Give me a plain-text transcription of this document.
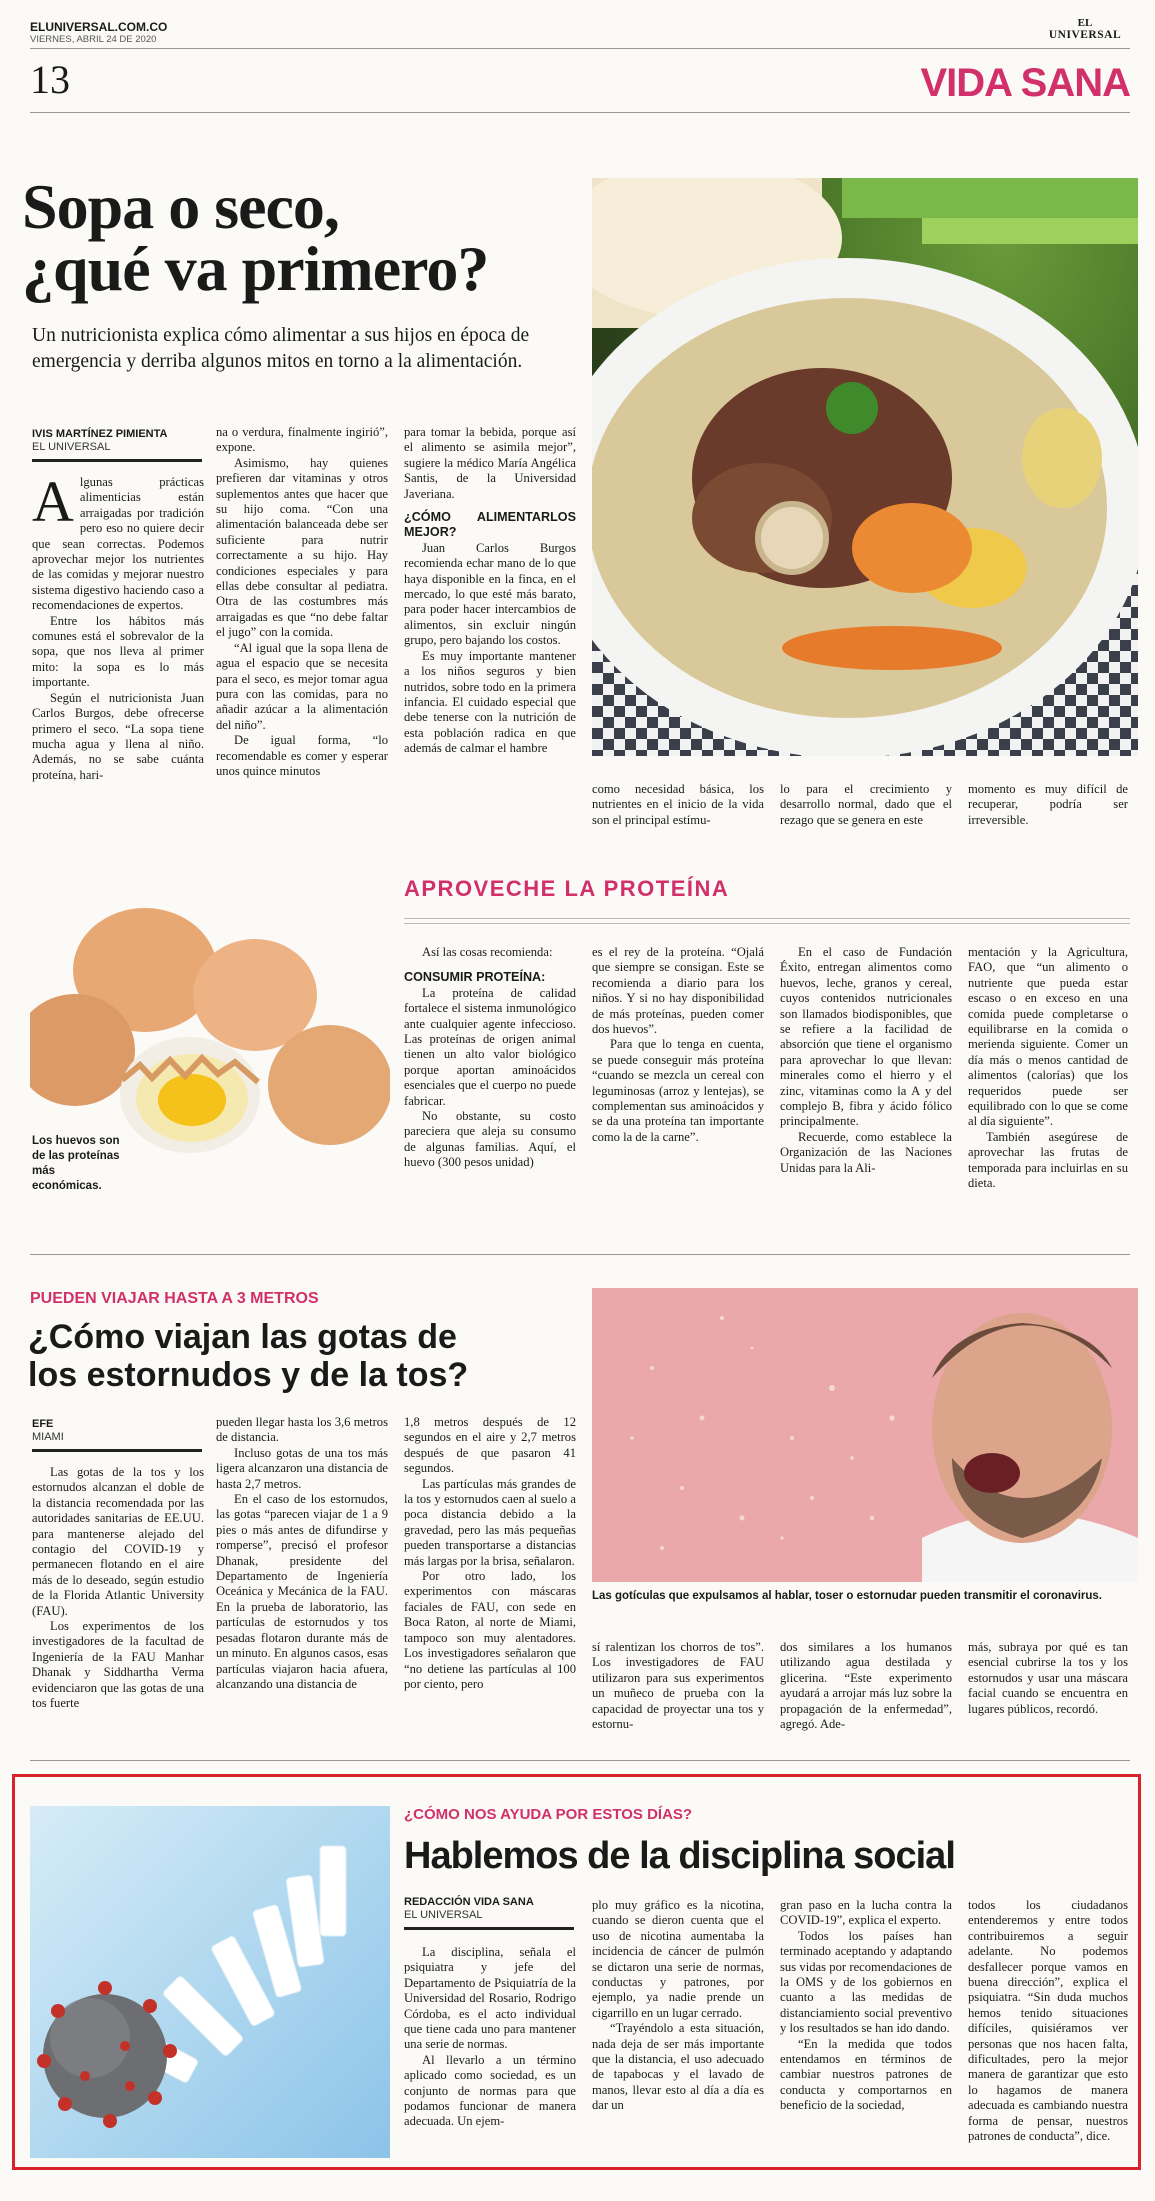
ELUNIVERSAL.COM.CO
VIERNES, ABRIL 24 DE 2020
EL
UNIVERSAL
13	VIDA SANA
Sopa o seco,
¿qué va primero?
Un nutricionista explica cómo alimentar a sus hijos en época de emergencia y derriba algunos mitos en torno a la alimentación.
IVIS MARTÍNEZ PIMIENTA
EL UNIVERSAL

Algunas prácticas alimenticias están arraigadas por tradición pero eso no quiere decir que sean correctas. Podemos aprovechar mejor los nutrientes de las comidas y mejorar nuestro sistema digestivo haciendo caso a recomendaciones de expertos.

Entre los hábitos más comunes está el sobrevalor de la sopa, que nos lleva al primer mito: la sopa es lo más importante.

Según el nutricionista Juan Carlos Burgos, debe ofrecerse primero el seco. “La sopa tiene mucha agua y llena al niño. Además, no se sabe cuánta proteína, hari-

na o verdura, finalmente ingirió”, expone.

Asimismo, hay quienes prefieren dar vitaminas y otros suplementos antes que hacer que su hijo coma. “Con una alimentación balanceada debe ser suficiente para nutrir correctamente a su hijo. Hay condiciones especiales y para ellas debe consultar al pediatra. Otra de las costumbres más arraigadas es que “no debe faltar el jugo” con la comida.

“Al igual que la sopa llena de agua el espacio que se necesita para el seco, es mejor tomar agua pura con las comidas, para no añadir azúcar a la alimentación del niño”.

De igual forma, “lo recomendable es comer y esperar unos quince minutos

para tomar la bebida, porque así el alimento se asimila mejor”, sugiere la médico María Angélica Santis, de la Universidad Javeriana.

¿CÓMO ALIMENTARLOS MEJOR?

Juan Carlos Burgos recomienda echar mano de lo que haya disponible en la finca, en el mercado, lo que esté más barato, para poder hacer intercambios de alimentos, sin excluir ningún grupo, pero bajando los costos.

Es muy importante mantener a los niños seguros y bien nutridos, sobre todo en la primera infancia. El cuidado especial que debe tenerse con la nutrición de esta población radica en que además de calmar el hambre

como necesidad básica, los nutrientes en el inicio de la vida son el principal estímu-

lo para el crecimiento y desarrollo normal, dado que el rezago que se genera en este

momento es muy difícil de recuperar, podría ser irreversible.

APROVECHE LA PROTEÍNA
Los huevos son de las proteínas más económicas.

Así las cosas recomienda:

CONSUMIR PROTEÍNA:

La proteína de calidad fortalece el sistema inmunológico ante cualquier agente infeccioso. Las proteínas de origen animal tienen un alto valor biológico porque aportan aminoácidos esenciales que el cuerpo no puede fabricar.

No obstante, su costo pareciera que aleja su consumo de algunas familias. Aquí, el huevo (300 pesos unidad)

es el rey de la proteína. “Ojalá que siempre se consigan. Este se recomienda a diario para los niños. Y si no hay disponibilidad de más proteínas, pueden comer dos huevos”.

Para que lo tenga en cuenta, se puede conseguir más proteína “cuando se mezcla un cereal con leguminosas (arroz y lentejas), se complementan sus aminoácidos y se da una proteína tan importante como la de la carne”.

En el caso de Fundación Éxito, entregan alimentos como huevos, leche, granos y cereal, cuyos contenidos nutricionales son llamados biodisponibles, que se refiere a la facilidad de absorción que tiene el organismo para aprovechar lo que llevan: minerales como el hierro y el zinc, vitaminas como la A y del complejo B, fibra y ácido fólico principalmente.

Recuerde, como establece la Organización de las Naciones Unidas para la Ali-

mentación y la Agricultura, FAO, que “un alimento o nutriente que pueda estar escaso o en exceso en una comida puede completarse o equilibrarse en la comida o merienda siguiente. Comer un día más o menos cantidad de alimentos (calorías) que los requeridos puede ser equilibrado con lo que se come al día siguiente”.

También asegúrese de aprovechar las frutas de temporada para incluirlas en su dieta.

PUEDEN VIAJAR HASTA A 3 METROS
¿Cómo viajan las gotas de
los estornudos y de la tos?
EFE
MIAMI

Las gotas de la tos y los estornudos alcanzan el doble de la distancia recomendada por las autoridades sanitarias de EE.UU. para mantenerse alejado del contagio del COVID-19 y permanecen flotando en el aire más de lo deseado, según estudio de la Florida Atlantic University (FAU).

Los experimentos de los investigadores de la facultad de Ingeniería de la FAU Manhar Dhanak y Siddhartha Verma evidenciaron que las gotas de una tos fuerte

pueden llegar hasta los 3,6 metros de distancia.

Incluso gotas de una tos más ligera alcanzaron una distancia de hasta 2,7 metros.

En el caso de los estornudos, las gotas “parecen viajar de 1 a 9 pies o más antes de difundirse y romperse”, precisó el profesor Dhanak, presidente del Departamento de Ingeniería Oceánica y Mecánica de la FAU. En la prueba de laboratorio, las partículas de estornudos y tos pesadas flotaron durante más de un minuto. En algunos casos, esas partículas viajaron hacia afuera, alcanzando una distancia de

1,8 metros después de 12 segundos en el aire y 2,7 metros después de que pasaron 41 segundos.

Las partículas más grandes de la tos y estornudos caen al suelo a poca distancia debido a la gravedad, pero las más pequeñas pueden transportarse a distancias más largas por la brisa, señalaron.

Por otro lado, los experimentos con máscaras faciales de FAU, con sede en Boca Raton, al norte de Miami, tampoco son muy alentadores. Los investigadores señalaron que “no detiene las partículas al 100 por ciento, pero

Las gotículas que expulsamos al hablar, toser o estornudar pueden transmitir el coronavirus.

sí ralentizan los chorros de tos”. Los investigadores de FAU utilizaron para sus experimentos un muñeco de prueba con la capacidad de proyectar una tos y estornu-

dos similares a los humanos utilizando agua destilada y glicerina. “Este experimento ayudará a arrojar más luz sobre la propagación de la enfermedad”, agregó. Ade-

más, subraya por qué es tan esencial cubrirse la tos y los estornudos y usar una máscara facial cuando se encuentra en lugares públicos, recordó.

¿CÓMO NOS AYUDA POR ESTOS DÍAS?
Hablemos de la disciplina social
REDACCIÓN VIDA SANA
EL UNIVERSAL

La disciplina, señala el psiquiatra y jefe del Departamento de Psiquiatría de la Universidad del Rosario, Rodrigo Córdoba, es el acto individual que tiene cada uno para mantener una serie de normas.

Al llevarlo a un término aplicado como sociedad, es un conjunto de normas para que podamos funcionar de manera adecuada. Un ejem-

plo muy gráfico es la nicotina, cuando se dieron cuenta que el uso de nicotina aumentaba la incidencia de cáncer de pulmón se dictaron una serie de normas, conductas y patrones, por ejemplo, ya nadie prende un cigarrillo en un lugar cerrado.

“Trayéndolo a esta situación, nada deja de ser más importante que la distancia, el uso adecuado de tapabocas y el lavado de manos, llevar esto al día a día es dar un

gran paso en la lucha contra la COVID-19”, explica el experto.

Todos los países han terminado aceptando y adaptando sus vidas por recomendaciones de la OMS y de los gobiernos en cuanto a las medidas de distanciamiento social preventivo y los resultados se han ido dando.

“En la medida que todos entendamos en términos de cambiar nuestros patrones de conducta y comportarnos en beneficio de la sociedad,

todos los ciudadanos entenderemos y entre todos contribuiremos a seguir adelante. No podemos desfallecer porque vamos en buena dirección”, explica el psiquiatra. “Sin duda muchos hemos tenido situaciones difíciles, quisiéramos ver personas que nos hacen falta, dificultades, pero la mejor manera de garantizar que esto lo hagamos de manera adecuada es cambiando nuestra forma de pensar, nuestros patrones de conducta”, dice.
